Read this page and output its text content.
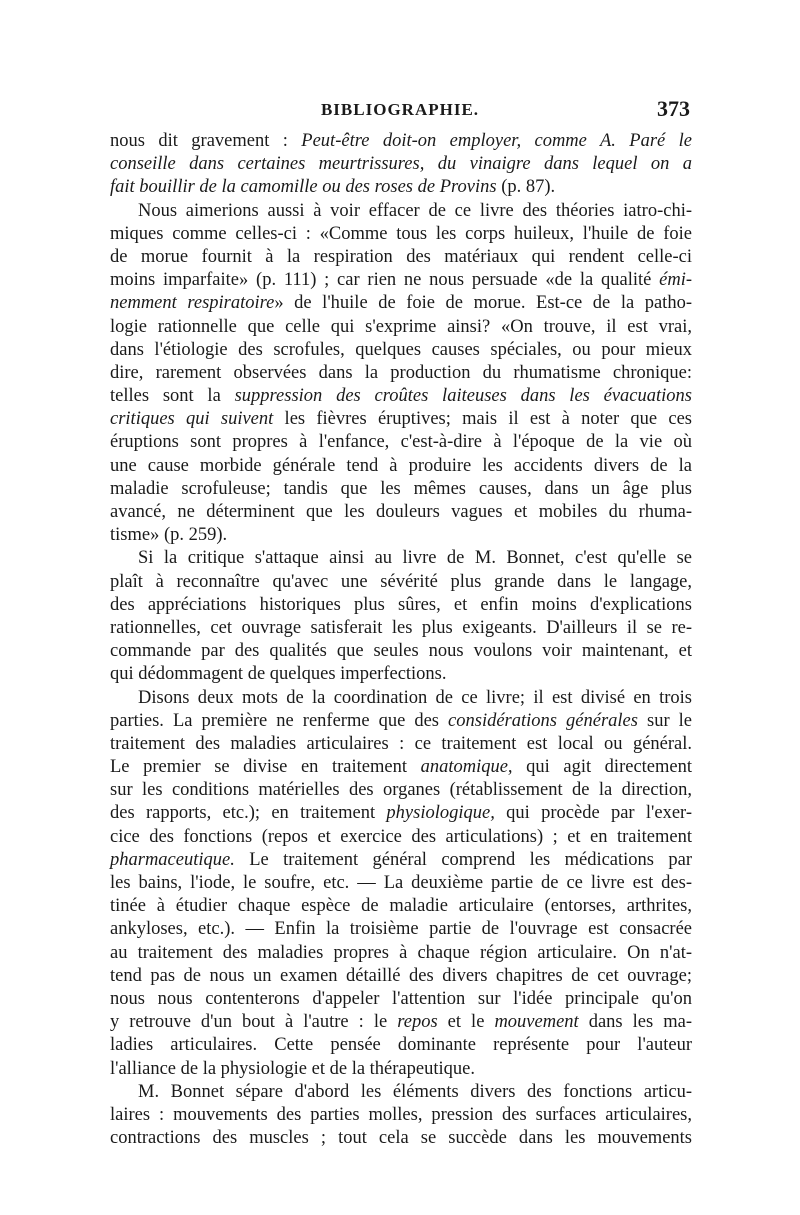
BIBLIOGRAPHIE.	373
nous dit gravement : Peut-être doit-on employer, comme A. Paré le
conseille dans certaines meurtrissures, du vinaigre dans lequel on a
fait bouillir de la camomille ou des roses de Provins (p. 87).
Nous aimerions aussi à voir effacer de ce livre des théories iatro-chi-
miques comme celles-ci : «Comme tous les corps huileux, l'huile de foie
de morue fournit à la respiration des matériaux qui rendent celle-ci
moins imparfaite» (p. 111) ; car rien ne nous persuade «de la qualité émi-
nemment respiratoire» de l'huile de foie de morue. Est-ce de la patho-
logie rationnelle que celle qui s'exprime ainsi? «On trouve, il est vrai,
dans l'étiologie des scrofules, quelques causes spéciales, ou pour mieux
dire, rarement observées dans la production du rhumatisme chronique:
telles sont la suppression des croûtes laiteuses dans les évacuations
critiques qui suivent les fièvres éruptives; mais il est à noter que ces
éruptions sont propres à l'enfance, c'est-à-dire à l'époque de la vie où
une cause morbide générale tend à produire les accidents divers de la
maladie scrofuleuse; tandis que les mêmes causes, dans un âge plus
avancé, ne déterminent que les douleurs vagues et mobiles du rhuma-
tisme» (p. 259).
Si la critique s'attaque ainsi au livre de M. Bonnet, c'est qu'elle se
plaît à reconnaître qu'avec une sévérité plus grande dans le langage,
des appréciations historiques plus sûres, et enfin moins d'explications
rationnelles, cet ouvrage satisferait les plus exigeants. D'ailleurs il se re-
commande par des qualités que seules nous voulons voir maintenant, et
qui dédommagent de quelques imperfections.
Disons deux mots de la coordination de ce livre; il est divisé en trois
parties. La première ne renferme que des considérations générales sur le
traitement des maladies articulaires : ce traitement est local ou général.
Le premier se divise en traitement anatomique, qui agit directement
sur les conditions matérielles des organes (rétablissement de la direction,
des rapports, etc.); en traitement physiologique, qui procède par l'exer-
cice des fonctions (repos et exercice des articulations) ; et en traitement
pharmaceutique. Le traitement général comprend les médications par
les bains, l'iode, le soufre, etc. — La deuxième partie de ce livre est des-
tinée à étudier chaque espèce de maladie articulaire (entorses, arthrites,
ankyloses, etc.). — Enfin la troisième partie de l'ouvrage est consacrée
au traitement des maladies propres à chaque région articulaire. On n'at-
tend pas de nous un examen détaillé des divers chapitres de cet ouvrage;
nous nous contenterons d'appeler l'attention sur l'idée principale qu'on
y retrouve d'un bout à l'autre : le repos et le mouvement dans les ma-
ladies articulaires. Cette pensée dominante représente pour l'auteur
l'alliance de la physiologie et de la thérapeutique.
M. Bonnet sépare d'abord les éléments divers des fonctions articu-
laires : mouvements des parties molles, pression des surfaces articulaires,
contractions des muscles ; tout cela se succède dans les mouvements
